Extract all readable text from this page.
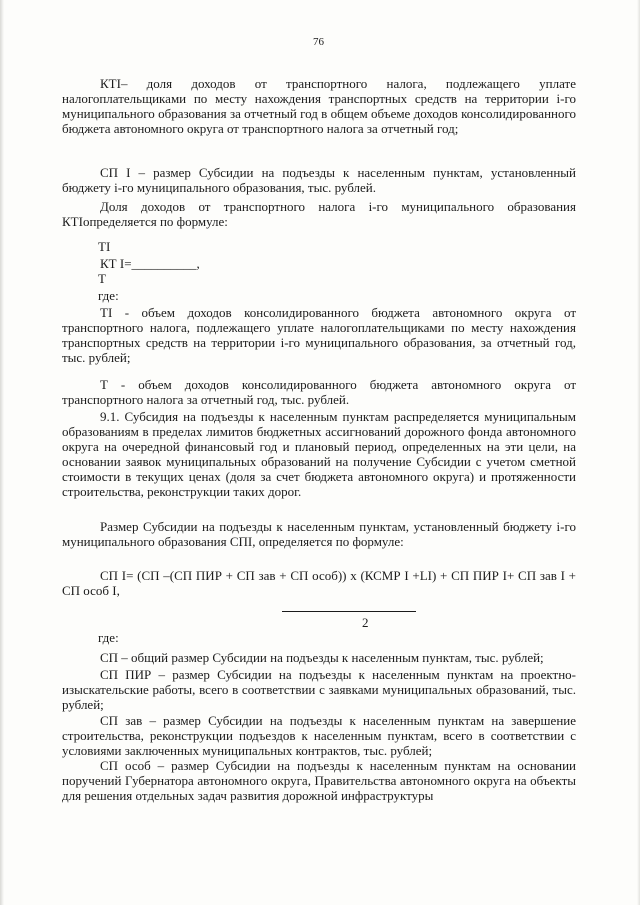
76

КТІ– доля доходов от транспортного налога, подлежащего уплате налогоплательщиками по месту нахождения транспортных средств на территории і-го муниципального образования за отчетный год в общем объеме доходов консолидированного бюджета автономного округа от транспортного налога за отчетный год;

СП І – размер Субсидии на подъезды к населенным пунктам, установленный бюджету і-го муниципального образования, тыс. рублей.

Доля доходов от транспортного налога і-го муниципального образования КТІопределяется по формуле:

ТІ
КТ І=__________,
Т
где:

ТІ - объем доходов консолидированного бюджета автономного округа от транспортного налога, подлежащего уплате налогоплательщиками по месту нахождения транспортных средств на территории і-го муниципального образования, за отчетный год, тыс. рублей;

Т - объем доходов консолидированного бюджета автономного округа от транспортного налога за отчетный год, тыс. рублей.

9.1. Субсидия на подъезды к населенным пунктам распределяется муниципальным образованиям в пределах лимитов бюджетных ассигнований дорожного фонда автономного округа на очередной финансовый год и плановый период, определенных на эти цели, на основании заявок муниципальных образований на получение Субсидии с учетом сметной стоимости в текущих ценах (доля за счет бюджета автономного округа) и протяженности строительства, реконструкции таких дорог.

Размер Субсидии на подъезды к населенным пунктам, установленный бюджету і-го муниципального образования СПІ, определяется по формуле:

СП І= (СП –(СП ПИР + СП зав + СП особ)) х (КСМР І +LІ) + СП ПИР І+ СП зав І + СП особ І,

2
где:

СП – общий размер Субсидии на подъезды к населенным пунктам, тыс. рублей;

СП ПИР – размер Субсидии на подъезды к населенным пунктам на проектно-изыскательские работы, всего в соответствии с заявками муниципальных образований, тыс. рублей;

СП зав – размер Субсидии на подъезды к населенным пунктам на завершение строительства, реконструкции подъездов к населенным пунктам, всего в соответствии с условиями заключенных муниципальных контрактов, тыс. рублей;

СП особ – размер Субсидии на подъезды к населенным пунктам на основании поручений Губернатора автономного округа, Правительства автономного округа на объекты для решения отдельных задач развития дорожной инфраструктуры
